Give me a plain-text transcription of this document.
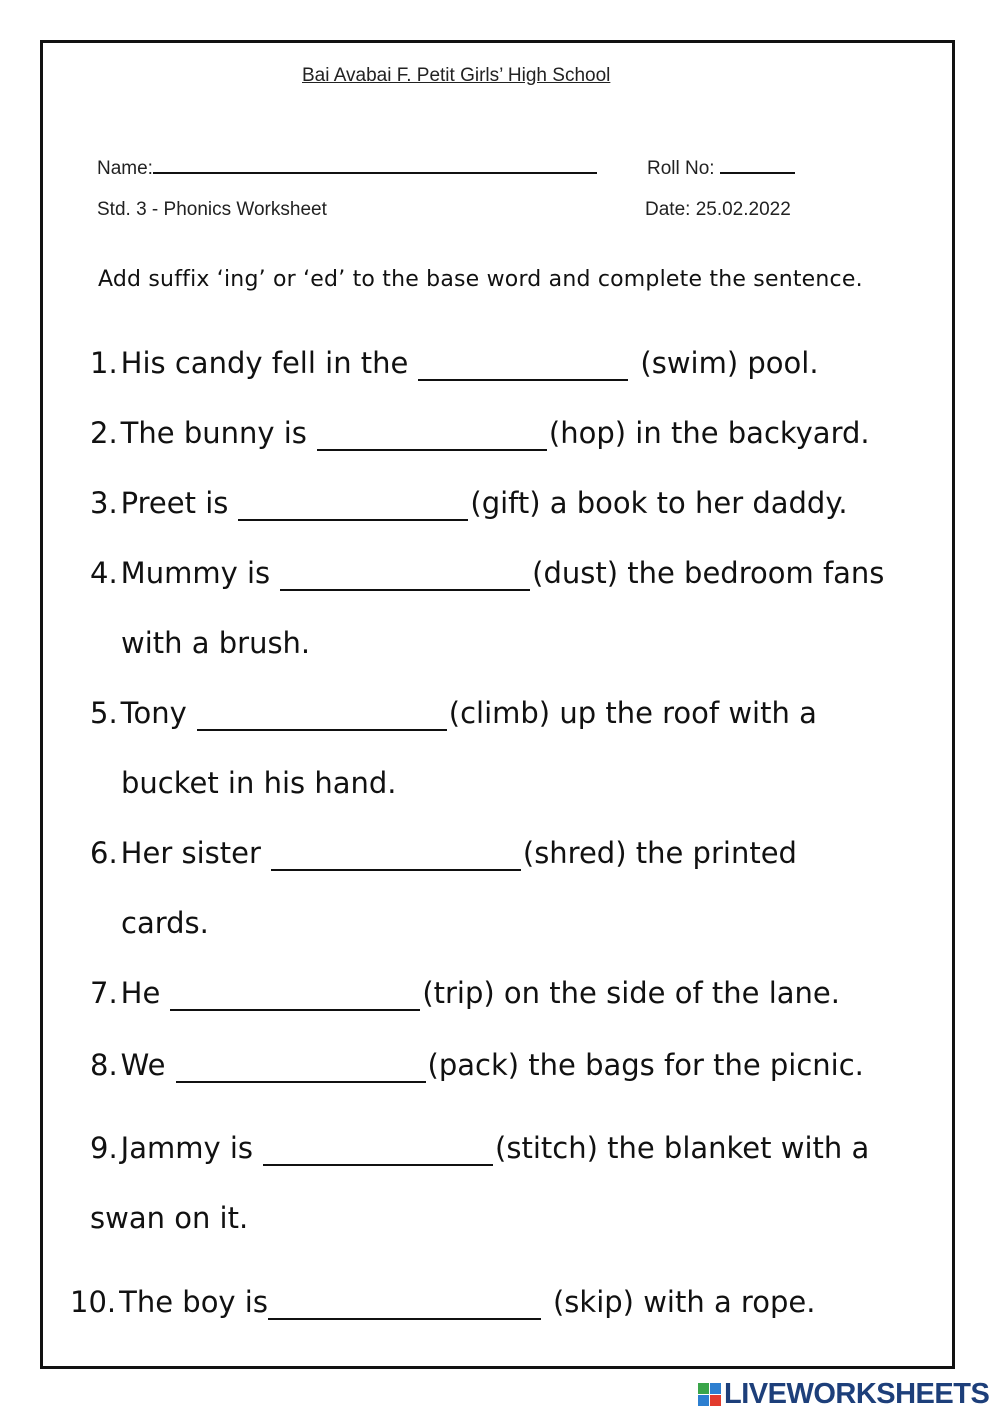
Bai Avabai F. Petit Girls’ High School
Name:	Roll No:
Std. 3 - Phonics Worksheet	Date: 25.02.2022
Add suffix ‘ing’ or ‘ed’ to the base word and complete the sentence.
1. His candy fell in the	(swim) pool.
2. The bunny is	(hop) in the backyard.
3. Preet is	(gift) a book to her daddy.
4. Mummy is	(dust) the bedroom fans
with a brush.
5. Tony	(climb) up the roof with a
bucket in his hand.
6. Her sister	(shred) the printed
cards.
7. He	(trip) on the side of the lane.
8. We	(pack) the bags for the picnic.
9. Jammy is	(stitch) the blanket with a
swan on it.
10. The boy is	(skip) with a rope.
LIVEWORKSHEETS
